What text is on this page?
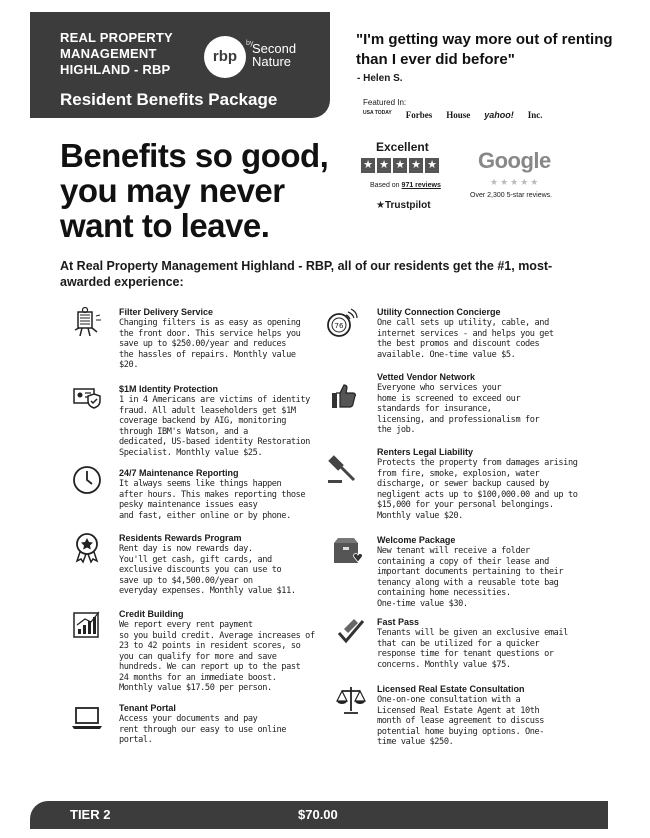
REAL PROPERTY
MANAGEMENT
HIGHLAND - RBP
rbp
by
Second
Nature
Resident Benefits Package
"I'm getting way more out of renting than I ever did before"
- Helen S.
Featured In:
USA TODAY Forbes House yahoo! Inc.
Benefits so good,
you may never
want to leave.
Excellent
★ ★ ★ ★ ★
Based on 971 reviews
★Trustpilot
Google
★★★★★
Over 2,300 5-star reviews.
At Real Property Management Highland - RBP, all of our residents get the #1, most-awarded experience:
Filter Delivery Service
Changing filters is as easy as opening
the front door. This service helps you
save up to $250.00/year and reduces
the hassles of repairs. Monthly value
$20.
$1M Identity Protection
1 in 4 Americans are victims of identity
fraud. All adult leaseholders get $1M
coverage backend by AIG, monitoring
through IBM's Watson, and a
dedicated, US-based identity Restoration
Specialist. Monthly value $25.
24/7 Maintenance Reporting
It always seems like things happen
after hours. This makes reporting those
pesky maintenance issues easy
and fast, either online or by phone.
Residents Rewards Program
Rent day is now rewards day.
You'll get cash, gift cards, and
exclusive discounts you can use to
save up to $4,500.00/year on
everyday expenses. Monthly value $11.
Credit Building
We report every rent payment
so you build credit. Average increases of
23 to 42 points in resident scores, so
you can qualify for more and save
hundreds. We can report up to the past
24 months for an immediate boost.
Monthly value $17.50 per person.
Tenant Portal
Access your documents and pay
rent through our easy to use online
portal.
76
Utility Connection Concierge
One call sets up utility, cable, and
internet services - and helps you get
the best promos and discount codes
available. One-time value $5.
Vetted Vendor Network
Everyone who services your
home is screened to exceed our
standards for insurance,
licensing, and professionalism for
the job.
Renters Legal Liability
Protects the property from damages arising
from fire, smoke, explosion, water
discharge, or sewer backup caused by
negligent acts up to $100,000.00 and up to
$15,000 for your personal belongings.
Monthly value $20.
Welcome Package
New tenant will receive a folder
containing a copy of their lease and
important documents pertaining to their
tenancy along with a reusable tote bag
containing home necessities.
One-time value $30.
Fast Pass
Tenants will be given an exclusive email
that can be utilized for a quicker
response time for tenant questions or
concerns. Monthly value $75.
Licensed Real Estate Consultation
One-on-one consultation with a
Licensed Real Estate Agent at 10th
month of lease agreement to discuss
potential home buying options. One-
time value $250.
TIER 2	$70.00
